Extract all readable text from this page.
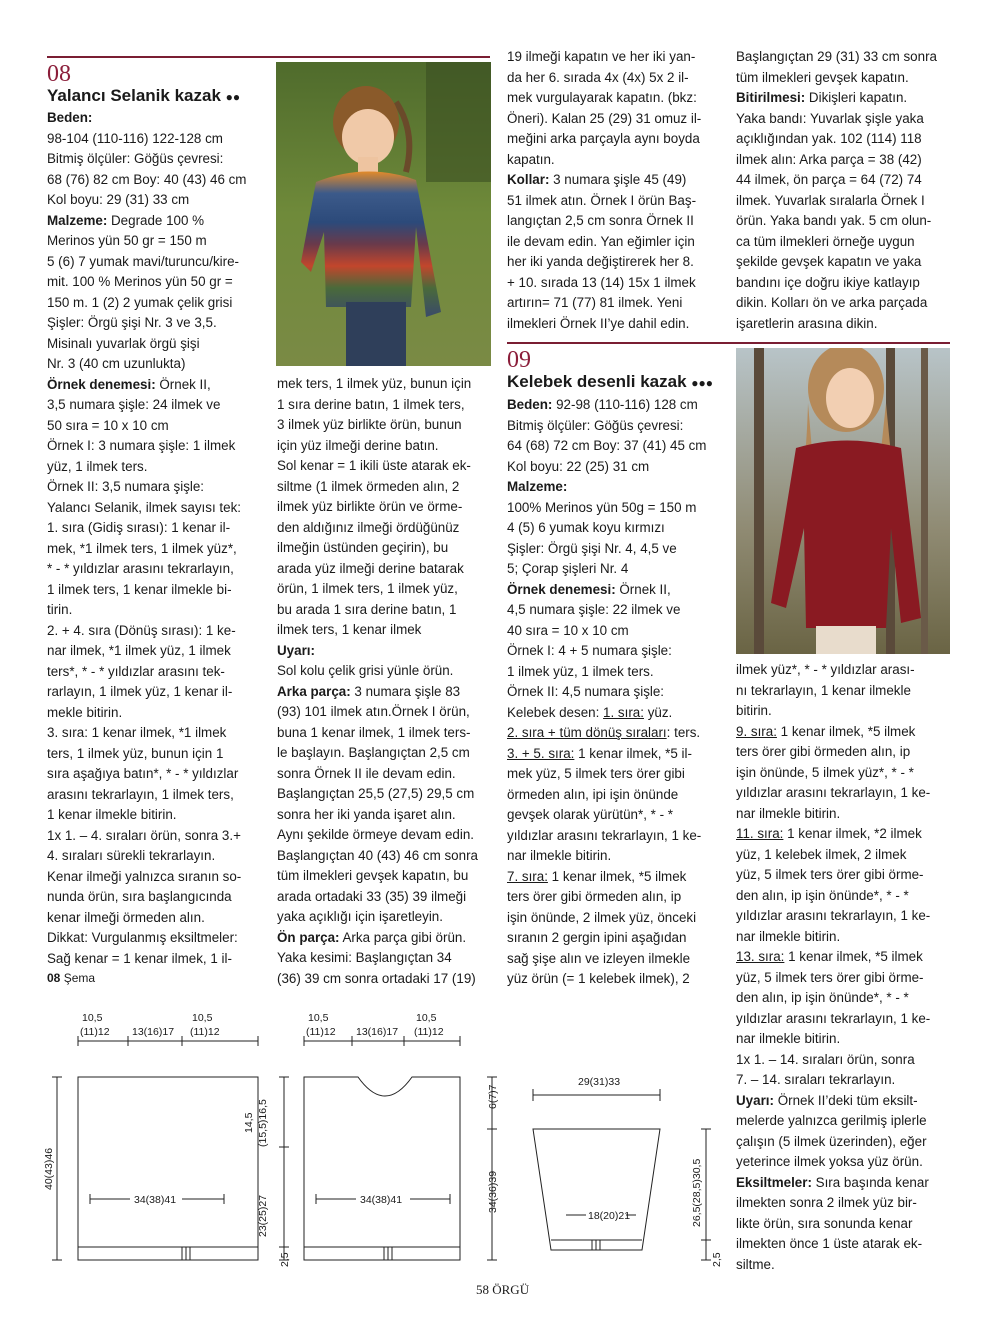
08
Yalancı Selanik kazak ●●

Beden:

98-104 (110-116) 122-128 cm

Bitmiş ölçüler: Göğüs çevresi:

68 (76) 82 cm Boy: 40 (43) 46 cm

Kol boyu: 29 (31) 33 cm

Malzeme: Degrade 100 %

Merinos yün 50 gr = 150 m

5 (6) 7 yumak mavi/turuncu/kire-

mit. 100 % Merinos yün 50 gr =

150 m. 1 (2) 2 yumak çelik grisi

Şişler: Örgü şişi Nr. 3 ve 3,5.

Misinalı yuvarlak örgü şişi

Nr. 3 (40 cm uzunlukta)

Örnek denemesi: Örnek II,

3,5 numara şişle: 24 ilmek ve

50 sıra = 10 x 10 cm

Örnek I: 3 numara şişle: 1 ilmek

yüz, 1 ilmek ters.

Örnek II: 3,5 numara şişle:

Yalancı Selanik, ilmek sayısı tek:

1. sıra (Gidiş sırası): 1 kenar il-

mek, *1 ilmek ters, 1 ilmek yüz*,

* - * yıldızlar arasını tekrarlayın,

1 ilmek ters, 1 kenar ilmekle bi-

tirin.

2. + 4. sıra (Dönüş sırası): 1 ke-

nar ilmek, *1 ilmek yüz, 1 ilmek

ters*, * - * yıldızlar arasını tek-

rarlayın, 1 ilmek yüz, 1 kenar il-

mekle bitirin.

3. sıra: 1 kenar ilmek, *1 ilmek

ters, 1 ilmek yüz, bunun için 1

sıra aşağıya batın*, * - * yıldızlar

arasını tekrarlayın, 1 ilmek ters,

1 kenar ilmekle bitirin.

1x 1. – 4. sıraları örün, sonra 3.+

4. sıraları sürekli tekrarlayın.

Kenar ilmeği yalnızca sıranın so-

nunda örün, sıra başlangıcında

kenar ilmeği örmeden alın.

Dikkat: Vurgulanmış eksiltmeler:

Sağ kenar = 1 kenar ilmek, 1 il-

mek ters, 1 ilmek yüz, bunun için

1 sıra derine batın, 1 ilmek ters,

3 ilmek yüz birlikte örün, bunun

için yüz ilmeği derine batın.

Sol kenar = 1 ikili üste atarak ek-

siltme (1 ilmek örmeden alın, 2

ilmek yüz birlikte örün ve örme-

den aldığınız ilmeği ördüğünüz

ilmeğin üstünden geçirin), bu

arada yüz ilmeği derine batarak

örün, 1 ilmek ters, 1 ilmek yüz,

bu arada 1 sıra derine batın, 1

ilmek ters, 1 kenar ilmek

Uyarı:

Sol kolu çelik grisi yünle örün.

Arka parça: 3 numara şişle 83

(93) 101 ilmek atın.Örnek I örün,

buna 1 kenar ilmek, 1 ilmek ters-

le başlayın. Başlangıçtan 2,5 cm

sonra Örnek II ile devam edin.

Başlangıçtan 25,5 (27,5) 29,5 cm

sonra her iki yanda işaret alın.

Aynı şekilde örmeye devam edin.

Başlangıçtan 40 (43) 46 cm sonra

tüm ilmekleri gevşek kapatın, bu

arada ortadaki 33 (35) 39 ilmeği

yaka açıklığı için işaretleyin.

Ön parça: Arka parça gibi örün.

Yaka kesimi: Başlangıçtan 34

(36) 39 cm sonra ortadaki 17 (19)

19 ilmeği kapatın ve her iki yan-

da her 6. sırada 4x (4x) 5x 2 il-

mek vurgulayarak kapatın. (bkz:

Öneri). Kalan 25 (29) 31 omuz il-

meğini arka parçayla aynı boyda

kapatın.

Kollar: 3 numara şişle 45 (49)

51 ilmek atın. Örnek I örün Baş-

langıçtan 2,5 cm sonra Örnek II

ile devam edin. Yan eğimler için

her iki yanda değiştirerek her 8.

+ 10. sırada 13 (14) 15x 1 ilmek

artırın= 71 (77) 81 ilmek. Yeni

ilmekleri Örnek II’ye dahil edin.

Başlangıçtan 29 (31) 33 cm sonra

tüm ilmekleri gevşek kapatın.

Bitirilmesi: Dikişleri kapatın.

Yaka bandı: Yuvarlak şişle yaka

açıklığından yak. 102 (114) 118

ilmek alın: Arka parça = 38 (42)

44 ilmek, ön parça = 64 (72) 74

ilmek. Yuvarlak sıralarla Örnek I

örün. Yaka bandı yak. 5 cm olun-

ca tüm ilmekleri örneğe uygun

şekilde gevşek kapatın ve yaka

bandını içe doğru ikiye katlayıp

dikin. Kolları ön ve arka parçada

işaretlerin arasına dikin.

09
Kelebek desenli kazak ●●●

Beden: 92-98 (110-116) 128 cm

Bitmiş ölçüler: Göğüs çevresi:

64 (68) 72 cm Boy: 37 (41) 45 cm

Kol boyu: 22 (25) 31 cm

Malzeme:

100% Merinos yün 50g = 150 m

4 (5) 6 yumak koyu kırmızı

Şişler: Örgü şişi Nr. 4, 4,5 ve

5; Çorap şişleri Nr. 4

Örnek denemesi: Örnek II,

4,5 numara şişle: 22 ilmek ve

40 sıra = 10 x 10 cm

Örnek I: 4 + 5 numara şişle:

1 ilmek yüz, 1 ilmek ters.

Örnek II: 4,5 numara şişle:

Kelebek desen: 1. sıra: yüz.

2. sıra + tüm dönüş sıraları: ters.

3. + 5. sıra: 1 kenar ilmek, *5 il-

mek yüz, 5 ilmek ters örer gibi

örmeden alın, ipi işin önünde

gevşek olarak yürütün*, * - *

yıldızlar arasını tekrarlayın, 1 ke-

nar ilmekle bitirin.

7. sıra: 1 kenar ilmek, *5 ilmek

ters örer gibi örmeden alın, ip

işin önünde, 2 ilmek yüz, önceki

sıranın 2 gergin ipini aşağıdan

sağ şişe alın ve izleyen ilmekle

yüz örün (= 1 kelebek ilmek), 2

ilmek yüz*, * - * yıldızlar arası-

nı tekrarlayın, 1 kenar ilmekle

bitirin.

9. sıra: 1 kenar ilmek, *5 ilmek

ters örer gibi örmeden alın, ip

işin önünde, 5 ilmek yüz*, * - *

yıldızlar arasını tekrarlayın, 1 ke-

nar ilmekle bitirin.

11. sıra: 1 kenar ilmek, *2 ilmek

yüz, 1 kelebek ilmek, 2 ilmek

yüz, 5 ilmek ters örer gibi örme-

den alın, ip işin önünde*, * - *

yıldızlar arasını tekrarlayın, 1 ke-

nar ilmekle bitirin.

13. sıra: 1 kenar ilmek, *5 ilmek

yüz, 5 ilmek ters örer gibi örme-

den alın, ip işin önünde*, * - *

yıldızlar arasını tekrarlayın, 1 ke-

nar ilmekle bitirin.

1x 1. – 14. sıraları örün, sonra

7. – 14. sıraları tekrarlayın.

Uyarı: Örnek II’deki tüm eksilt-

melerde yalnızca gerilmiş iplerle

çalışın (5 ilmek üzerinden), eğer

yeterince ilmek yoksa yüz örün.

Eksiltmeler: Sıra başında kenar

ilmekten sonra 2 ilmek yüz bir-

likte örün, sıra sonunda kenar

ilmekten önce 1 üste atarak ek-

siltme.

08 Şema
10,5
(11)12 13(16)17
10,5
(11)12
40(43)46
34(38)41
10,5
(11)12 13(16)17
10,5
(11)12
14,5 (15,5)16,5
23(25)27
2,5
34(38)41
29(31)33
6(7)7
34(36)39
18(20)21	26,5(28,5)30,5
2,5
58 ÖRGÜ
